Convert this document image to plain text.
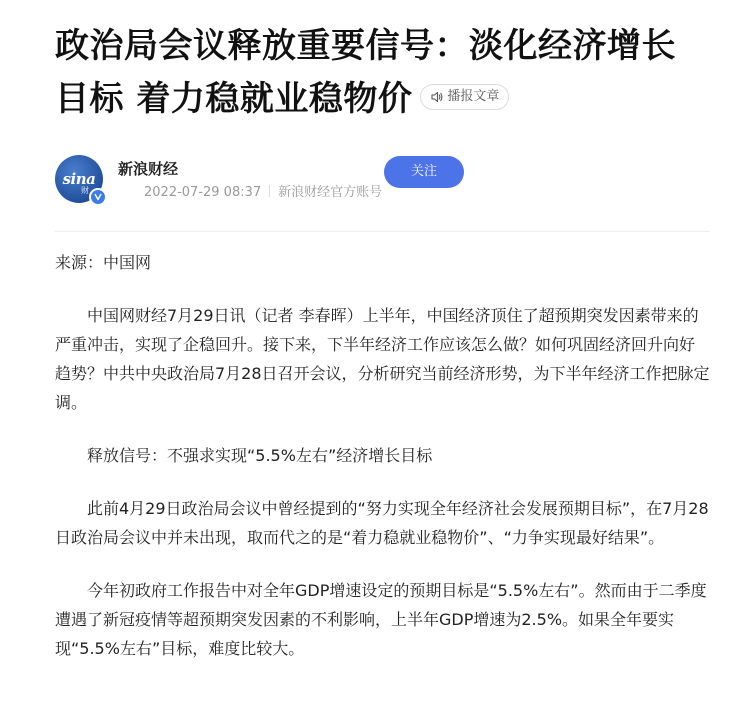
政治局会议释放重要信号：淡化经济增长目标 着力稳就业稳物价	播报文章
sina
财
新浪财经
2022-07-29 08:37 新浪财经官方账号
关注

来源：中国网

中国网财经7月29日讯（记者 李春晖）上半年，中国经济顶住了超预期突发因素带来的严重冲击，实现了企稳回升。接下来，下半年经济工作应该怎么做？如何巩固经济回升向好趋势？中共中央政治局7月28日召开会议，分析研究当前经济形势，为下半年经济工作把脉定调。

释放信号：不强求实现“5.5%左右”经济增长目标

此前4月29日政治局会议中曾经提到的“努力实现全年经济社会发展预期目标”，在7月28日政治局会议中并未出现，取而代之的是“着力稳就业稳物价”、“力争实现最好结果”。

今年初政府工作报告中对全年GDP增速设定的预期目标是“5.5%左右”。然而由于二季度遭遇了新冠疫情等超预期突发因素的不利影响，上半年GDP增速为2.5%。如果全年要实现“5.5%左右”目标，难度比较大。
